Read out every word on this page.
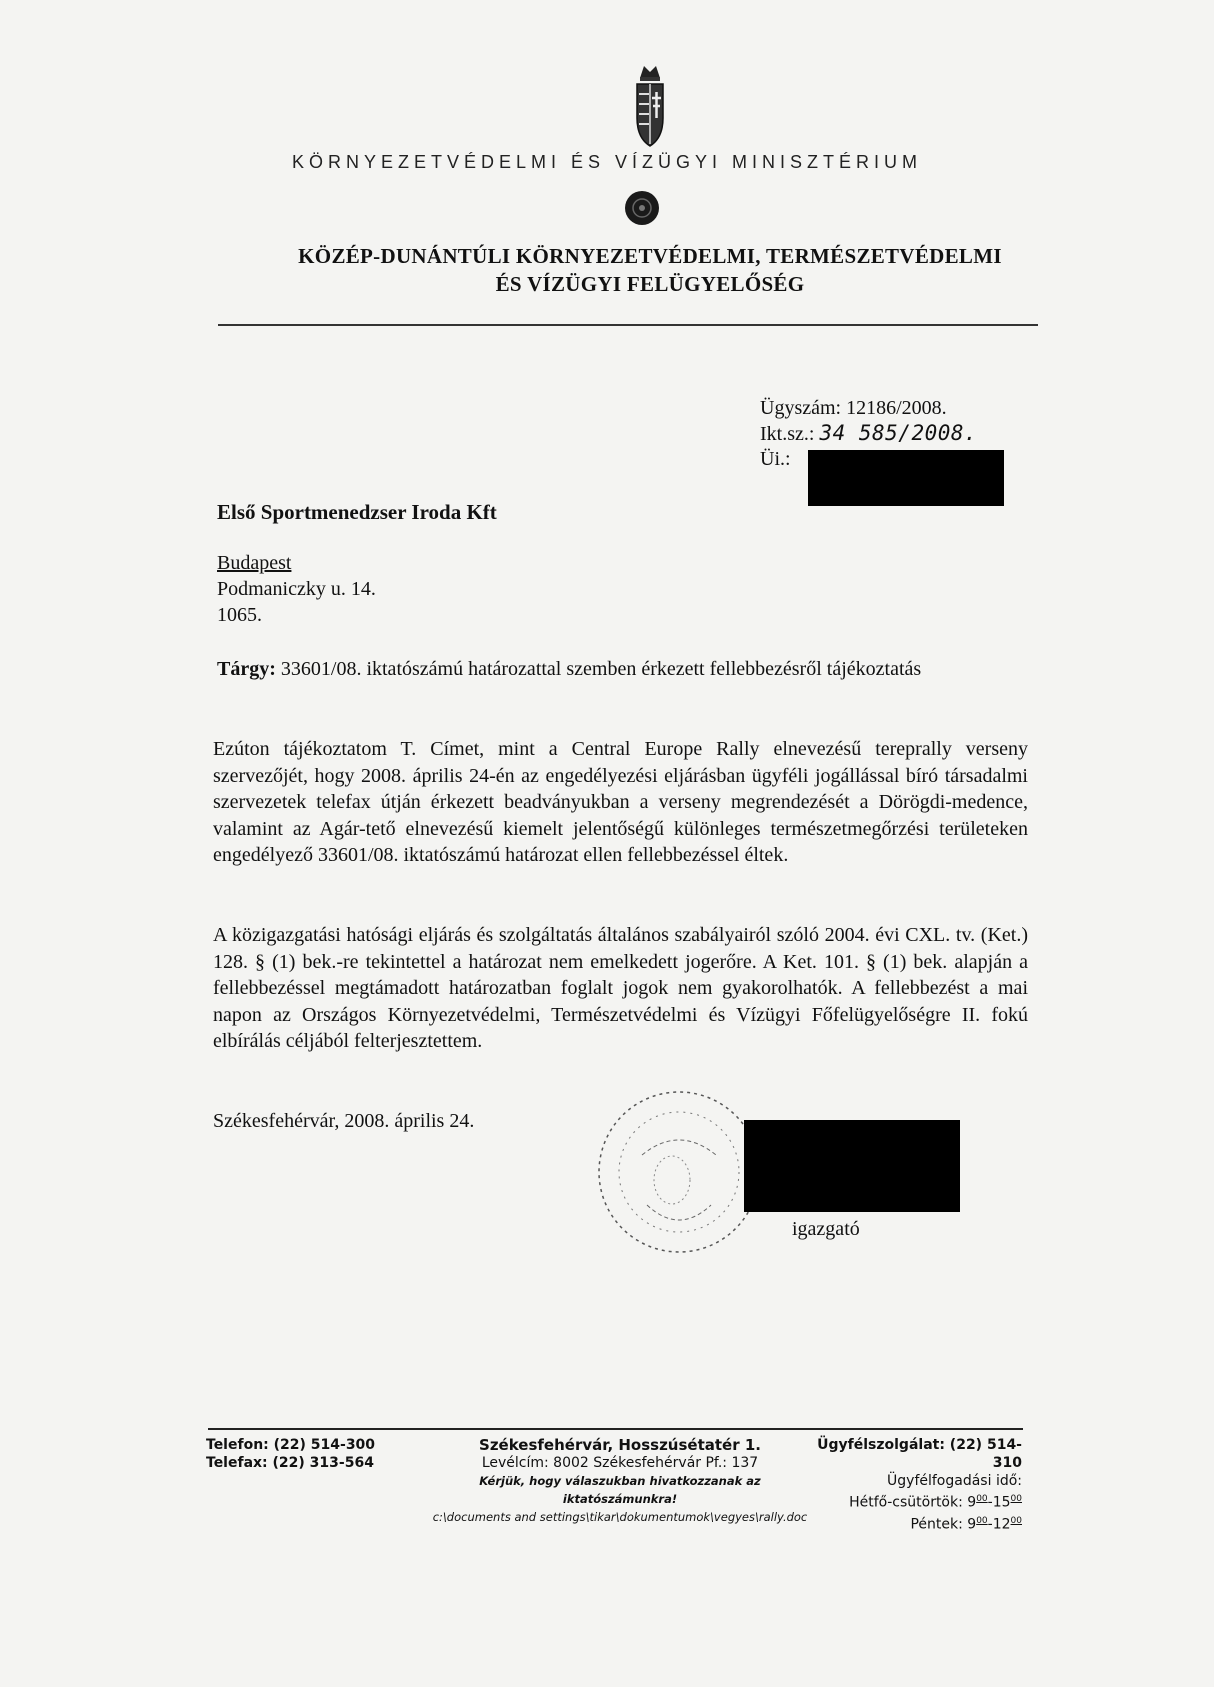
KÖRNYEZETVÉDELMI ÉS VÍZÜGYI MINISZTÉRIUM
KÖZÉP-DUNÁNTÚLI KÖRNYEZETVÉDELMI, TERMÉSZETVÉDELMI
ÉS VÍZÜGYI FELÜGYELŐSÉG
Ügyszám: 12186/2008.
Ikt.sz.: 34 585/2008.
Üi.:
Első Sportmenedzser Iroda Kft
Budapest
Podmaniczky u. 14.
1065.
Tárgy: 33601/08. iktatószámú határozattal szemben érkezett fellebbezésről tájékoztatás
Ezúton tájékoztatom T. Címet, mint a Central Europe Rally elnevezésű tereprally verseny szervezőjét, hogy 2008. április 24-én az engedélyezési eljárásban ügyféli jogállással bíró társadalmi szervezetek telefax útján érkezett beadványukban a verseny megrendezését a Dörögdi-medence, valamint az Agár-tető elnevezésű kiemelt jelentőségű különleges természetmegőrzési területeken engedélyező 33601/08. iktatószámú határozat ellen fellebbezéssel éltek.
A közigazgatási hatósági eljárás és szolgáltatás általános szabályairól szóló 2004. évi CXL. tv. (Ket.) 128. § (1) bek.-re tekintettel a határozat nem emelkedett jogerőre. A Ket. 101. § (1) bek. alapján a fellebbezéssel megtámadott határozatban foglalt jogok nem gyakorolhatók. A fellebbezést a mai napon az Országos Környezetvédelmi, Természetvédelmi és Vízügyi Főfelügyelőségre II. fokú elbírálás céljából felterjesztettem.
Székesfehérvár, 2008. április 24.
igazgató
Telefon: (22) 514-300
Telefax: (22) 313-564
Székesfehérvár, Hosszúsétatér 1.
Levélcím: 8002 Székesfehérvár Pf.: 137
Kérjük, hogy válaszukban hivatkozzanak az iktatószámunkra!
c:\documents and settings\tikar\dokumentumok\vegyes\rally.doc
Ügyfélszolgálat: (22) 514-310
Ügyfélfogadási idő:
Hétfő-csütörtök: $9^{00}-15^{00}$
Péntek: $9^{00}-12^{00}$
